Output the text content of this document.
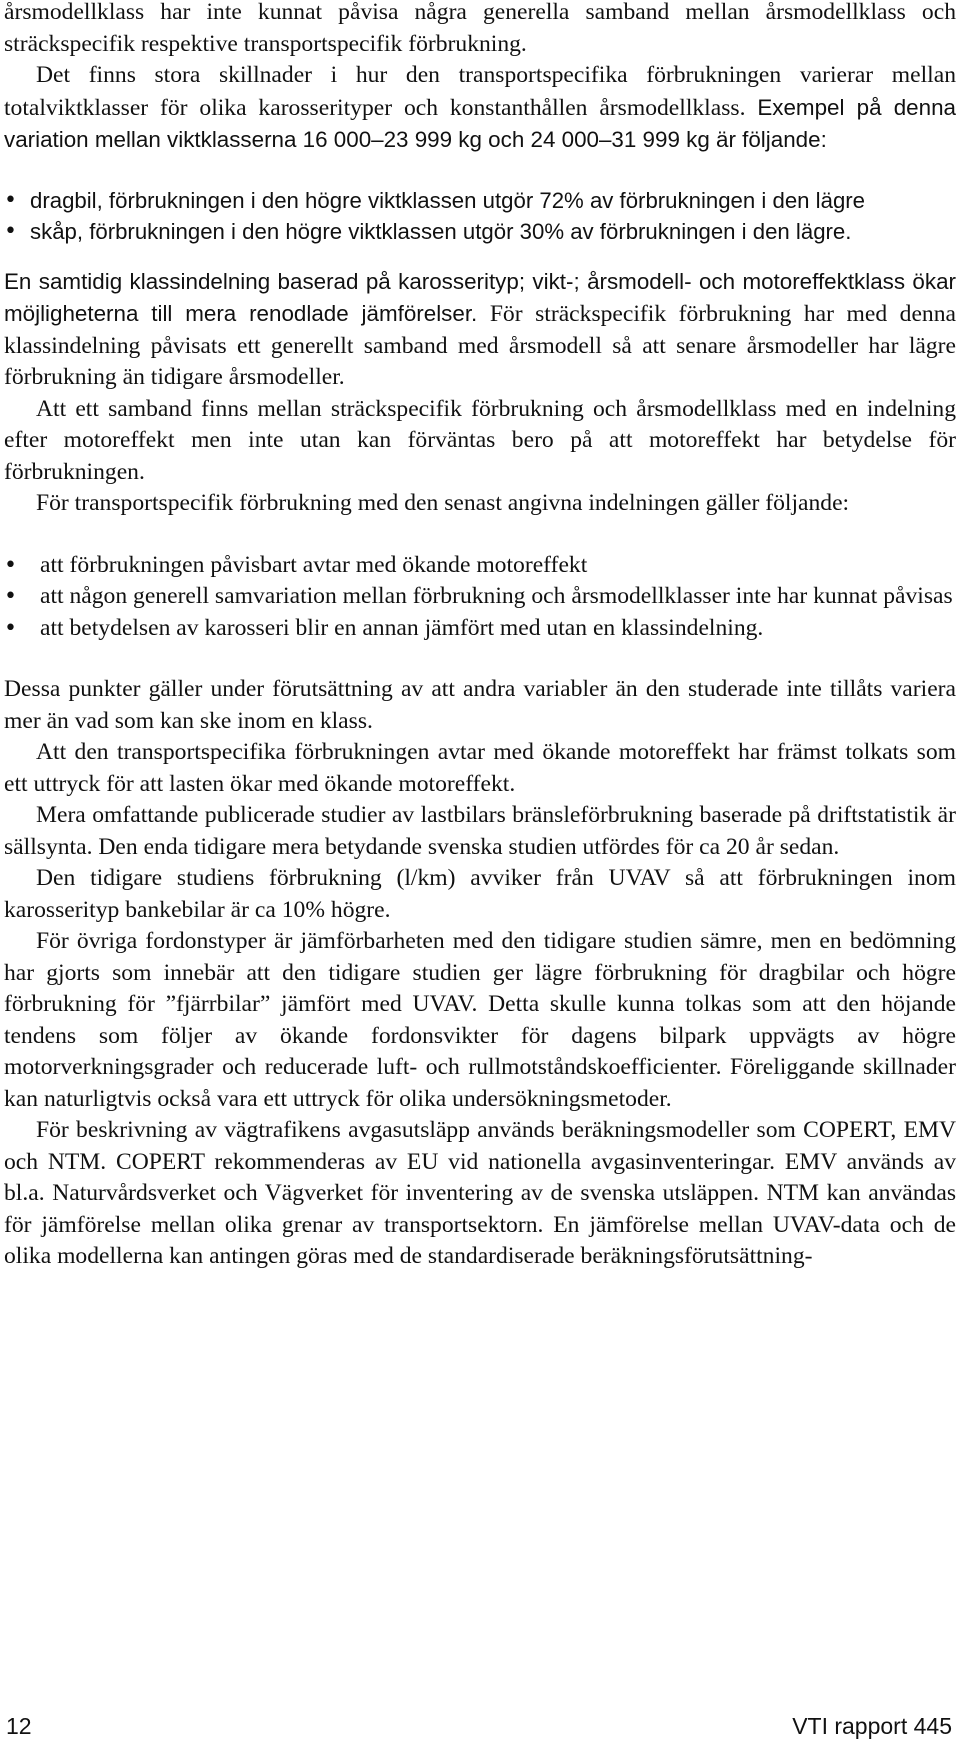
årsmodellklass har inte kunnat påvisa några generella samband mellan årsmodellklass och sträckspecifik respektive transportspecifik förbrukning.

Det finns stora skillnader i hur den transportspecifika förbrukningen varierar mellan totalviktklasser för olika karosserityper och konstanthållen årsmodellklass. Exempel på denna variation mellan viktklasserna 16 000–23 999 kg och 24 000–31 999 kg är följande:

• dragbil, förbrukningen i den högre viktklassen utgör 72% av förbrukningen i den lägre
• skåp, förbrukningen i den högre viktklassen utgör 30% av förbrukningen i den lägre.

En samtidig klassindelning baserad på karosserityp; vikt-; årsmodell- och motoreffektklass ökar möjligheterna till mera renodlade jämförelser. För sträckspecifik förbrukning har med denna klassindelning påvisats ett generellt samband med årsmodell så att senare årsmodeller har lägre förbrukning än tidigare årsmodeller.

Att ett samband finns mellan sträckspecifik förbrukning och årsmodellklass med en indelning efter motoreffekt men inte utan kan förväntas bero på att motoreffekt har betydelse för förbrukningen.

För transportspecifik förbrukning med den senast angivna indelningen gäller följande:

• att förbrukningen påvisbart avtar med ökande motoreffekt
• att någon generell samvariation mellan förbrukning och årsmodellklasser inte har kunnat påvisas
• att betydelsen av karosseri blir en annan jämfört med utan en klassindelning.

Dessa punkter gäller under förutsättning av att andra variabler än den studerade inte tillåts variera mer än vad som kan ske inom en klass.

Att den transportspecifika förbrukningen avtar med ökande motoreffekt har främst tolkats som ett uttryck för att lasten ökar med ökande motoreffekt.

Mera omfattande publicerade studier av lastbilars bränsleförbrukning baserade på driftstatistik är sällsynta. Den enda tidigare mera betydande svenska studien utfördes för ca 20 år sedan.

Den tidigare studiens förbrukning (l/km) avviker från UVAV så att förbrukningen inom karosserityp bankebilar är ca 10% högre.

För övriga fordonstyper är jämförbarheten med den tidigare studien sämre, men en bedömning har gjorts som innebär att den tidigare studien ger lägre förbrukning för dragbilar och högre förbrukning för ”fjärrbilar” jämfört med UVAV. Detta skulle kunna tolkas som att den höjande tendens som följer av ökande fordonsvikter för dagens bilpark uppvägts av högre motorverkningsgrader och reducerade luft- och rullmotståndskoefficienter. Föreliggande skillnader kan naturligtvis också vara ett uttryck för olika undersökningsmetoder.

För beskrivning av vägtrafikens avgasutsläpp används beräkningsmodeller som COPERT, EMV och NTM. COPERT rekommenderas av EU vid nationella avgasinventeringar. EMV används av bl.a. Naturvårdsverket och Vägverket för inventering av de svenska utsläppen. NTM kan användas för jämförelse mellan olika grenar av transportsektorn. En jämförelse mellan UVAV-data och de olika modellerna kan antingen göras med de standardiserade beräkningsförutsättning-

12	VTI rapport 445
